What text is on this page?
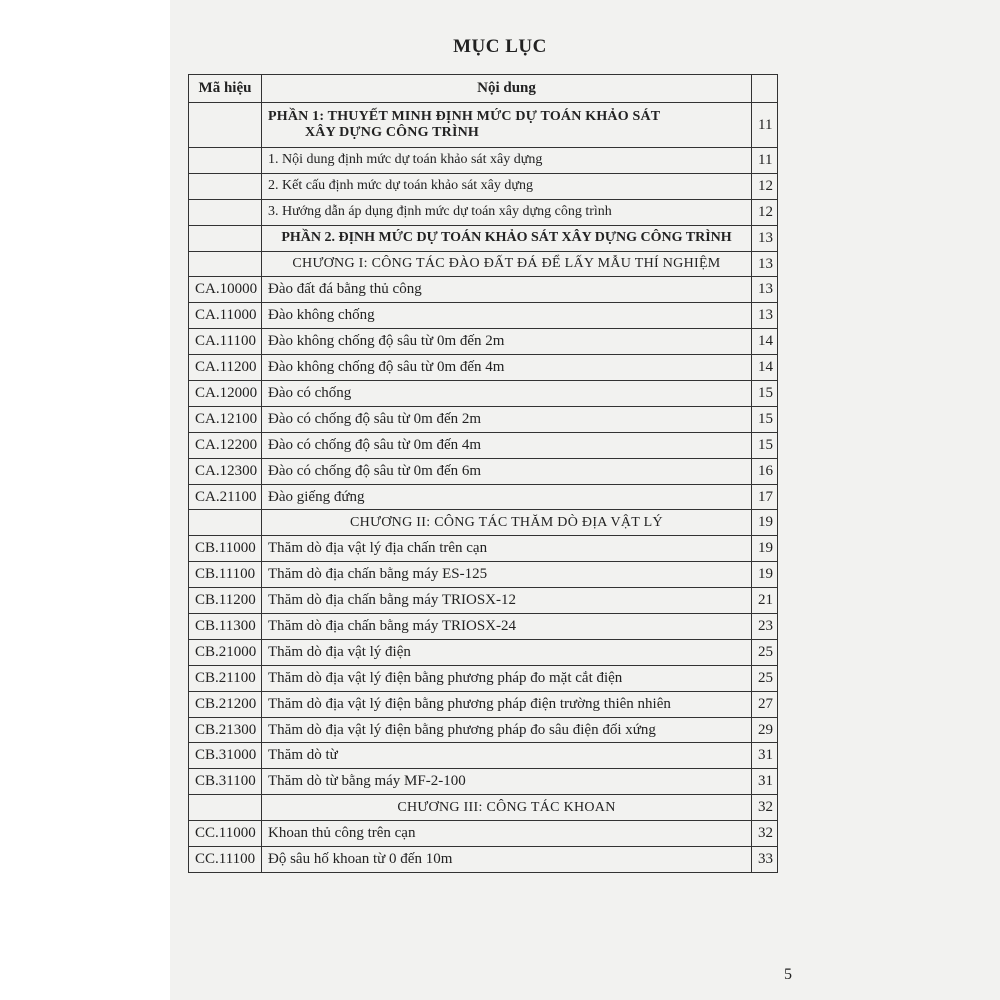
MỤC LỤC
Mã hiệu	Nội dung	

	PHẦN 1: THUYẾT MINH ĐỊNH MỨC DỰ TOÁN KHẢO SÁT
XÂY DỰNG CÔNG TRÌNH	11
	1. Nội dung định mức dự toán khảo sát xây dựng	11
	2. Kết cấu định mức dự toán khảo sát xây dựng	12
	3. Hướng dẫn áp dụng định mức dự toán xây dựng công trình	12
	PHẦN 2. ĐỊNH MỨC DỰ TOÁN KHẢO SÁT XÂY DỰNG CÔNG TRÌNH	13
	CHƯƠNG I: CÔNG TÁC ĐÀO ĐẤT ĐÁ ĐỂ LẤY MẪU THÍ NGHIỆM	13
CA.10000	Đào đất đá bằng thủ công	13
CA.11000	Đào không chống	13
CA.11100	Đào không chống độ sâu từ 0m đến 2m	14
CA.11200	Đào không chống độ sâu từ 0m đến 4m	14
CA.12000	Đào có chống	15
CA.12100	Đào có chống độ sâu từ 0m đến 2m	15
CA.12200	Đào có chống độ sâu từ 0m đến 4m	15
CA.12300	Đào có chống độ sâu từ 0m đến 6m	16
CA.21100	Đào giếng đứng	17
	CHƯƠNG II: CÔNG TÁC THĂM DÒ ĐỊA VẬT LÝ	19
CB.11000	Thăm dò địa vật lý địa chấn trên cạn	19
CB.11100	Thăm dò địa chấn bằng máy ES-125	19
CB.11200	Thăm dò địa chấn bằng máy TRIOSX-12	21
CB.11300	Thăm dò địa chấn bằng máy TRIOSX-24	23
CB.21000	Thăm dò địa vật lý điện	25
CB.21100	Thăm dò địa vật lý điện bằng phương pháp đo mặt cắt điện	25
CB.21200	Thăm dò địa vật lý điện bằng phương pháp điện trường thiên nhiên	27
CB.21300	Thăm dò địa vật lý điện bằng phương pháp đo sâu điện đối xứng	29
CB.31000	Thăm dò từ	31
CB.31100	Thăm dò từ bằng máy MF-2-100	31
	CHƯƠNG III: CÔNG TÁC KHOAN	32
CC.11000	Khoan thủ công trên cạn	32
CC.11100	Độ sâu hố khoan từ 0 đến 10m	33
5
